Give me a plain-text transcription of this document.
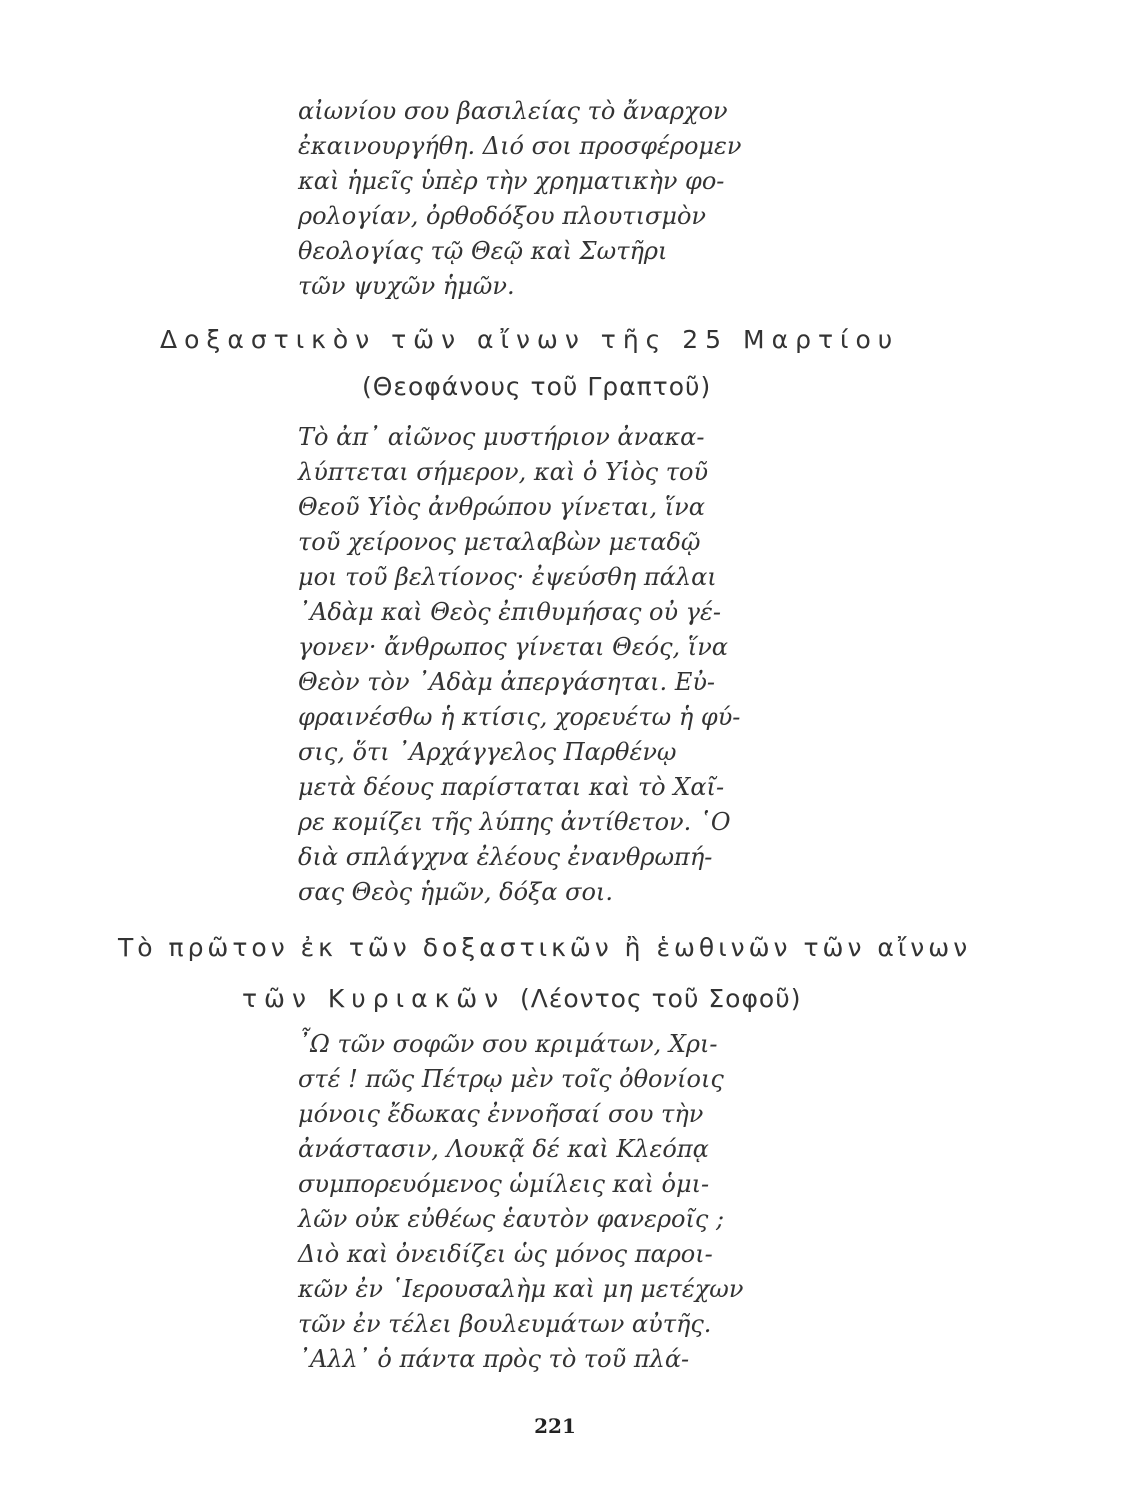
αἰωνίου σου βασιλείας τὸ ἄναρχον
ἐκαινουργήθη. Διό σοι προσφέρομεν
καὶ ἡμεῖς ὑπὲρ τὴν χρηματικὴν φο-
ρολογίαν, ὀρθοδόξου πλουτισμὸν
θεολογίας τῷ Θεῷ καὶ Σωτῆρι
τῶν ψυχῶν ἡμῶν.
Δοξαστικὸν τῶν αἴνων τῆς 25 Μαρτίου
(Θεοφάνους τοῦ Γραπτοῦ)
Τὸ ἀπ᾽ αἰῶνος μυστήριον ἀνακα-
λύπτεται σήμερον, καὶ ὁ Υἱὸς τοῦ
Θεοῦ Υἱὸς ἀνθρώπου γίνεται, ἵνα
τοῦ χείρονος μεταλαβὼν μεταδῷ
μοι τοῦ βελτίονος· ἐψεύσθη πάλαι
᾿Αδὰμ καὶ Θεὸς ἐπιθυμήσας οὐ γέ-
γονεν· ἄνθρωπος γίνεται Θεός, ἵνα
Θεὸν τὸν ᾿Αδὰμ ἀπεργάσηται. Εὐ-
φραινέσθω ἡ κτίσις, χορευέτω ἡ φύ-
σις, ὅτι ᾿Αρχάγγελος Παρθένῳ
μετὰ δέους παρίσταται καὶ τὸ Χαῖ-
ρε κομίζει τῆς λύπης ἀντίθετον. ῾Ο
διὰ σπλάγχνα ἐλέους ἐνανθρωπή-
σας Θεὸς ἡμῶν, δόξα σοι.
Τὸ πρῶτον ἐκ τῶν δοξαστικῶν ἢ ἑωθινῶν τῶν αἴνων
τῶν Κυριακῶν (Λέοντος τοῦ Σοφοῦ)
῏Ω τῶν σοφῶν σου κριμάτων, Χρι-
στέ ! πῶς Πέτρῳ μὲν τοῖς ὀθονίοις
μόνοις ἔδωκας ἐννοῆσαί σου τὴν
ἀνάστασιν, Λουκᾷ δέ καὶ Κλεόπᾳ
συμπορευόμενος ὡμίλεις καὶ ὁμι-
λῶν οὐκ εὐθέως ἑαυτὸν φανεροῖς ;
Διὸ καὶ ὀνειδίζει ὡς μόνος παροι-
κῶν ἐν ῾Ιερουσαλὴμ καὶ μη μετέχων
τῶν ἐν τέλει βουλευμάτων αὐτῆς.
᾿Αλλ᾽ ὁ πάντα πρὸς τὸ τοῦ πλά-
221
